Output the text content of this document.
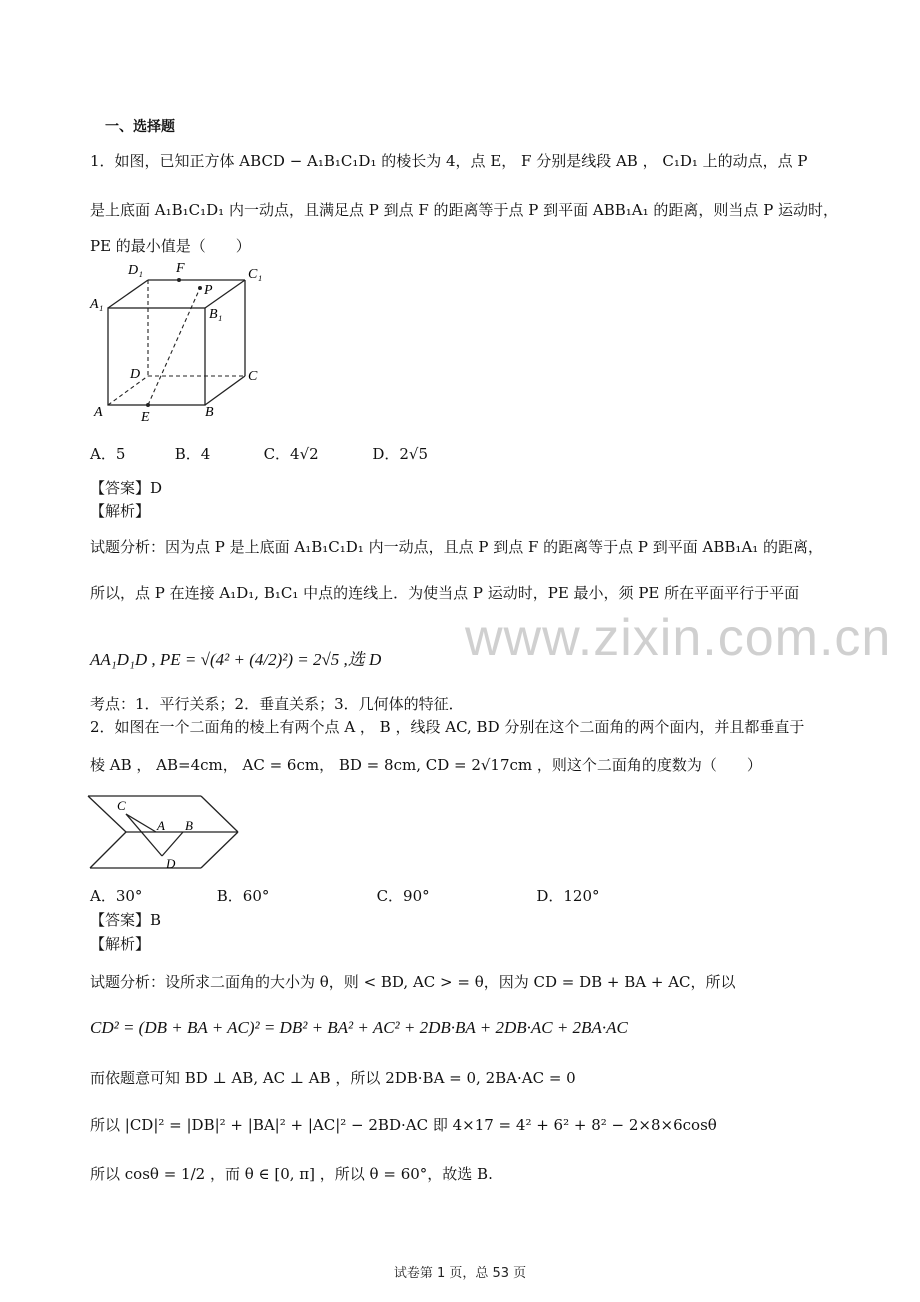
一、选择题
1．如图，已知正方体 ABCD − A₁B₁C₁D₁ 的棱长为 4，点 E， F 分别是线段 AB ， C₁D₁ 上的动点，点 P
是上底面 A₁B₁C₁D₁ 内一动点，且满足点 P 到点 F 的距离等于点 P 到平面 ABB₁A₁ 的距离，则当点 P 运动时，
PE 的最小值是（　　）
D₁ F	C₁
P
A₁
B₁
D	C
A	E	B
A．5	B．4	C．4√2	D．2√5
【答案】D
【解析】
试题分析：因为点 P 是上底面 A₁B₁C₁D₁ 内一动点，且点 P 到点 F 的距离等于点 P 到平面 ABB₁A₁ 的距离，
所以，点 P 在连接 A₁D₁, B₁C₁ 中点的连线上．为使当点 P 运动时，PE 最小，须 PE 所在平面平行于平面
AA₁D₁D , PE = √(4² + (4/2)²) = 2√5 ,选 D
考点：1．平行关系；2．垂直关系；3．几何体的特征．
2．如图在一个二面角的棱上有两个点 A ， B ，线段 AC, BD 分别在这个二面角的两个面内，并且都垂直于
棱 AB ， AB=4cm， AC = 6cm， BD = 8cm, CD = 2√17cm ，则这个二面角的度数为（　　）
C
A B
D
A．30°	B．60°	C．90°	D．120°
【答案】B
【解析】
试题分析：设所求二面角的大小为 θ，则 < BD, AC > = θ，因为 CD = DB + BA + AC，所以
CD² = (DB + BA + AC)² = DB² + BA² + AC² + 2DB·BA + 2DB·AC + 2BA·AC
而依题意可知 BD ⊥ AB, AC ⊥ AB ，所以 2DB·BA = 0, 2BA·AC = 0
所以 |CD|² = |DB|² + |BA|² + |AC|² − 2BD·AC 即 4×17 = 4² + 6² + 8² − 2×8×6cosθ
所以 cosθ = 1/2 ，而 θ ∈ [0, π] ，所以 θ = 60°，故选 B.
www.zixin.com.cn
试卷第 1 页，总 53 页
